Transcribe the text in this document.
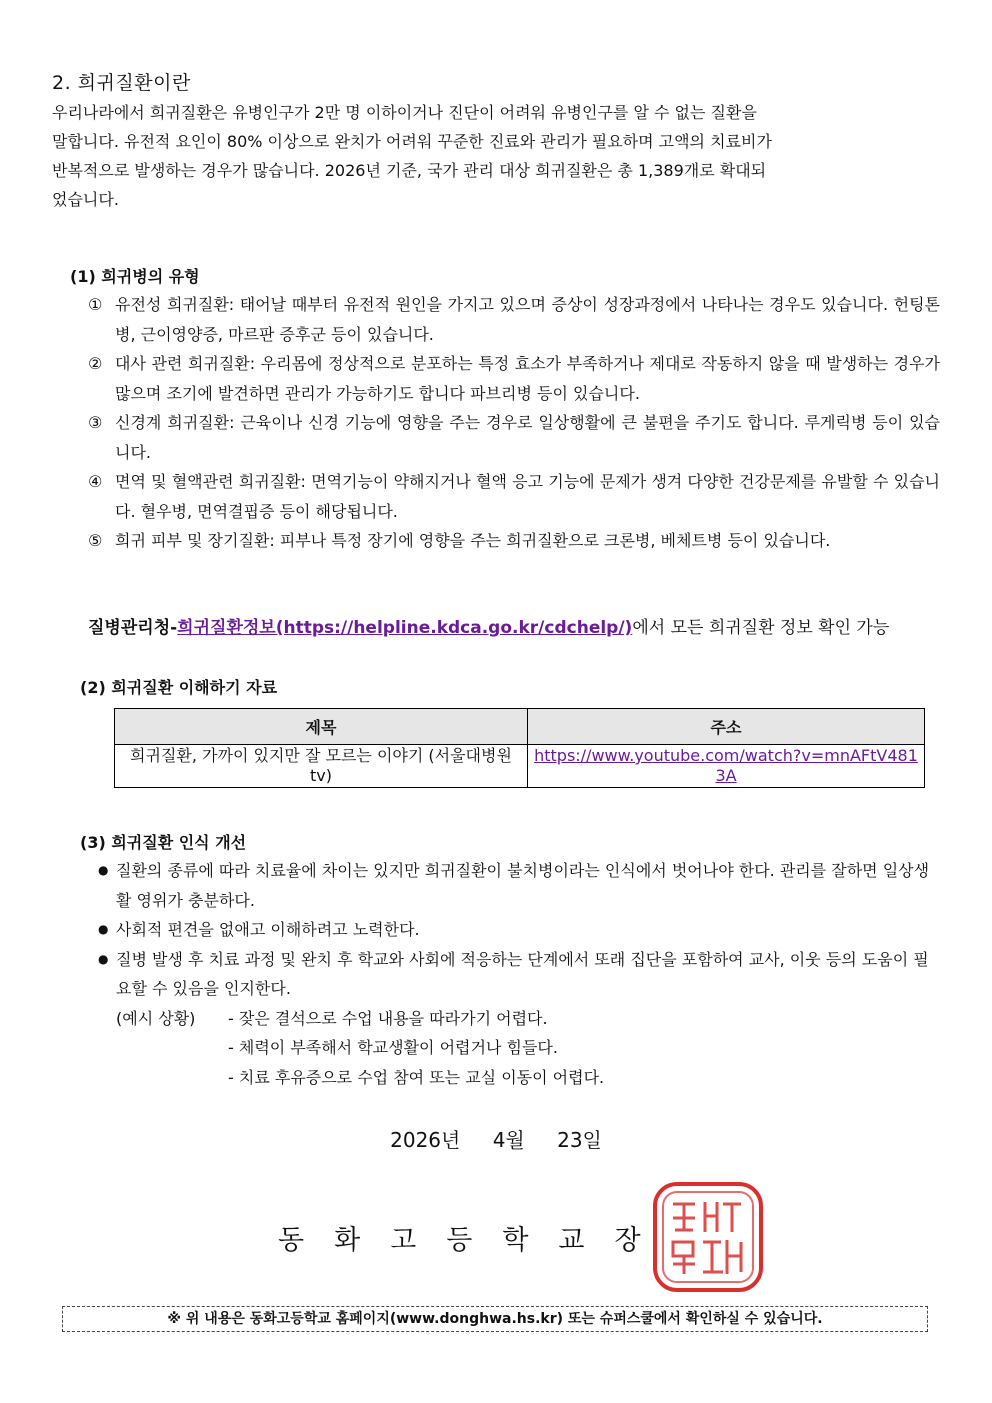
2. 희귀질환이란

우리나라에서 희귀질환은 유병인구가 2만 명 이하이거나 진단이 어려워 유병인구를 알 수 없는 질환을

말합니다. 유전적 요인이 80% 이상으로 완치가 어려워 꾸준한 진료와 관리가 필요하며 고액의 치료비가

반복적으로 발생하는 경우가 많습니다. 2026년 기준, 국가 관리 대상 희귀질환은 총 1,389개로 확대되

었습니다.

(1) 희귀병의 유형
① 유전성 희귀질환: 태어날 때부터 유전적 원인을 가지고 있으며 증상이 성장과정에서 나타나는 경우도 있습니다. 헌팅톤병, 근이영양증, 마르판 증후군 등이 있습니다.
② 대사 관련 희귀질환: 우리몸에 정상적으로 분포하는 특정 효소가 부족하거나 제대로 작동하지 않을 때 발생하는 경우가 많으며 조기에 발견하면 관리가 가능하기도 합니다 파브리병 등이 있습니다.
③ 신경계 희귀질환: 근육이나 신경 기능에 영향을 주는 경우로 일상행활에 큰 불편을 주기도 합니다. 루게릭병 등이 있습니다.
④ 면역 및 혈액관련 희귀질환: 면역기능이 약해지거나 혈액 응고 기능에 문제가 생겨 다양한 건강문제를 유발할 수 있습니다. 혈우병, 면역결핍증 등이 해당됩니다.
⑤ 희귀 피부 및 장기질환: 피부나 특정 장기에 영향을 주는 희귀질환으로 크론병, 베체트병 등이 있습니다.
질병관리청-희귀질환정보(https://helpline.kdca.go.kr/cdchelp/)에서 모든 희귀질환 정보 확인 가능
(2) 희귀질환 이해하기 자료
제목	주소
희귀질환, 가까이 있지만 잘 모르는 이야기 (서울대병원 tv)	https://www.youtube.com/watch?v=mnAFtV4813A
(3) 희귀질환 인식 개선
● 질환의 종류에 따라 치료율에 차이는 있지만 희귀질환이 불치병이라는 인식에서 벗어나야 한다. 관리를 잘하면 일상생활 영위가 충분하다.
● 사회적 편견을 없애고 이해하려고 노력한다.
● 질병 발생 후 치료 과정 및 완치 후 학교와 사회에 적응하는 단계에서 또래 집단을 포함하여 교사, 이웃 등의 도움이 필요할 수 있음을 인지한다.
(예시 상황)	- 잦은 결석으로 수업 내용을 따라가기 어렵다.
- 체력이 부족해서 학교생활이 어렵거나 힘들다.
- 치료 후유증으로 수업 참여 또는 교실 이동이 어렵다.
2026년 4월 23일
동화고등학교장
※ 위 내용은 동화고등학교 홈페이지(www.donghwa.hs.kr) 또는 슈퍼스쿨에서 확인하실 수 있습니다.
